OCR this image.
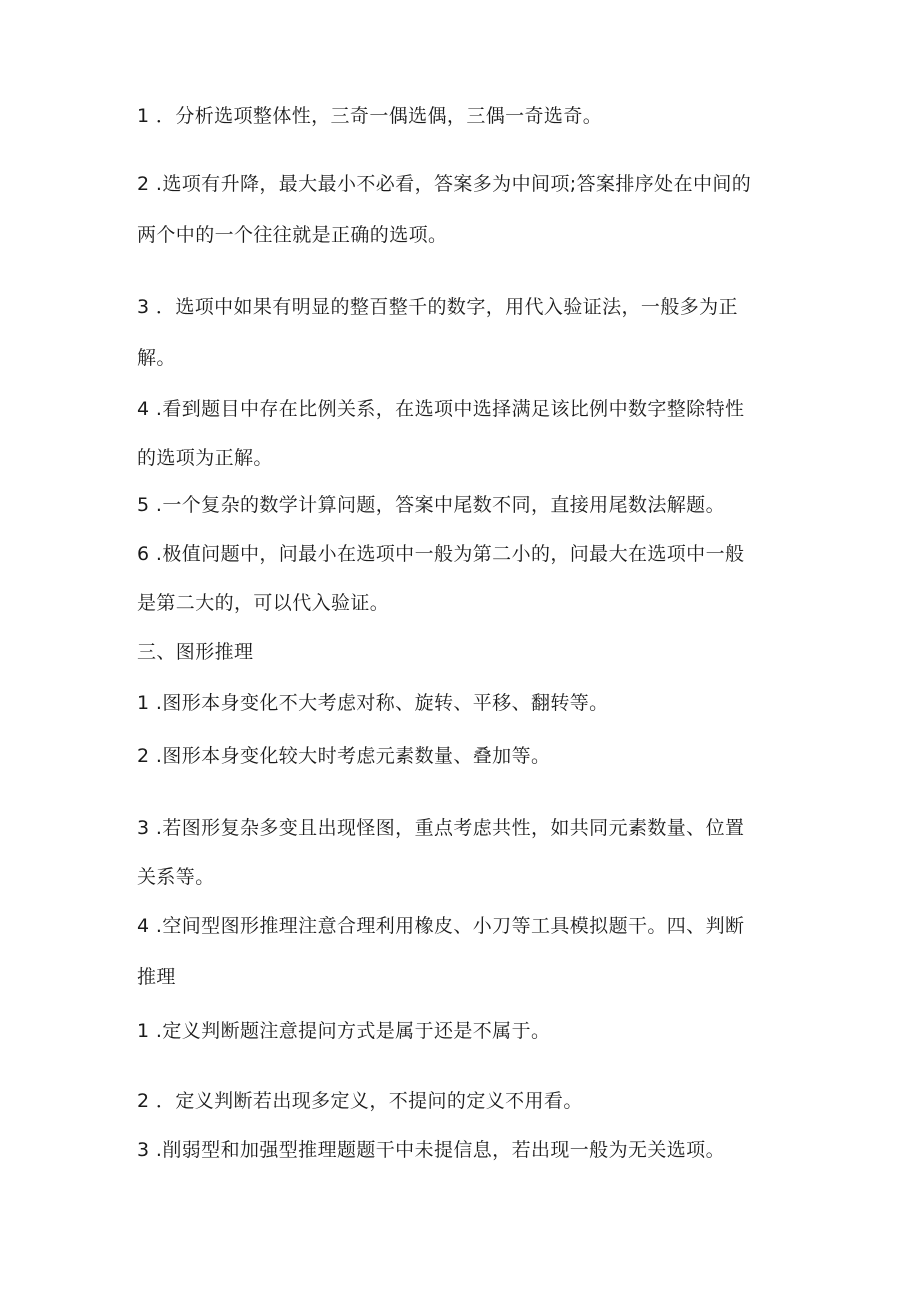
1 ．分析选项整体性，三奇一偶选偶，三偶一奇选奇。
2 .选项有升降，最大最小不必看，答案多为中间项;答案排序处在中间的
两个中的一个往往就是正确的选项。
3 ．选项中如果有明显的整百整千的数字，用代入验证法，一般多为正
解。
4 .看到题目中存在比例关系，在选项中选择满足该比例中数字整除特性
的选项为正解。
5 .一个复杂的数学计算问题，答案中尾数不同，直接用尾数法解题。
6 .极值问题中，问最小在选项中一般为第二小的，问最大在选项中一般
是第二大的，可以代入验证。
三、图形推理
1 .图形本身变化不大考虑对称、旋转、平移、翻转等。
2 .图形本身变化较大时考虑元素数量、叠加等。
3 .若图形复杂多变且出现怪图，重点考虑共性，如共同元素数量、位置
关系等。
4 .空间型图形推理注意合理利用橡皮、小刀等工具模拟题干。四、判断
推理
1 .定义判断题注意提问方式是属于还是不属于。
2 ．定义判断若出现多定义，不提问的定义不用看。
3 .削弱型和加强型推理题题干中未提信息，若出现一般为无关选项。
